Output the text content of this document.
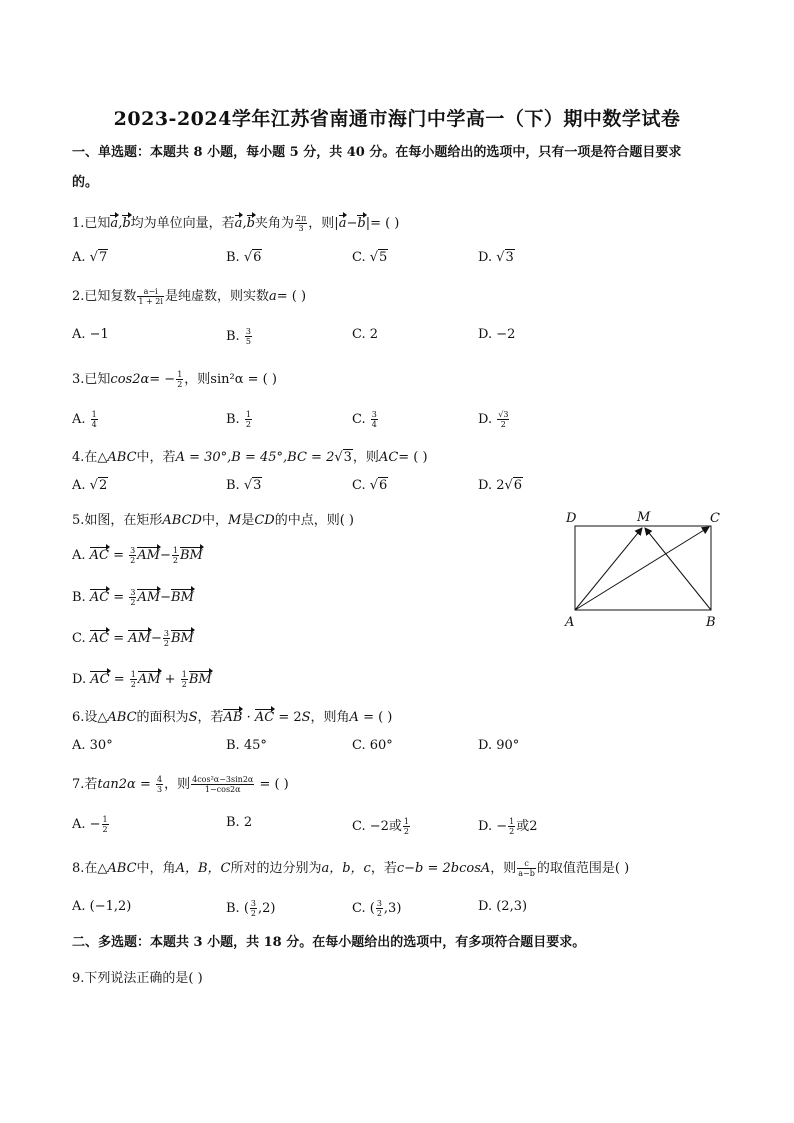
2023-2024学年江苏省南通市海门中学高一（下）期中数学试卷
一、单选题：本题共 8 小题，每小题 5 分，共 40 分。在每小题给出的选项中，只有一项是符合题目要求
的。
1.已知a,b均为单位向量，若a,b夹角为 $\frac{2\pi}{3}$ ，则|a−b|= ( )
A. √7	B. √6	C. √5	D. √3
2.已知复数 $\frac{a-i}{1 + 2i}$ 是纯虚数，则实数a= ( )
A. −1	B. $\frac{3}{5}$	C. 2	D. −2
3.已知$\cos 2\alpha= - \frac{1}{2}$ ，则sin²α = ( )
A. $\frac{1}{4}$	B. $\frac{1}{2}$	C. $\frac{3}{4}$	D. $\frac{√3}{2}$
4.在△ABC中，若A = 30°,B = 45°,BC = 2√3，则AC= ( )
A. √2	B. √3	C. √6	D. 2√6
5.如图，在矩形ABCD中，M是CD的中点，则( )
A. AC = $\frac{3}{2} AM- \frac{1}{2}$ BM
B. AC = $\frac{3}{2} AM-BM$
C. AC = $AM- \frac{3}{2}$ BM
D. AC = $\frac{1}{2}$ AM + $\frac{1}{2}$ BM
D	M	C
A	B
6.设△ABC的面积为S，若AB · AC = 2S，则角A = ( )
A. 30°	B. 45°	C. 60°	D. 90°
7.若$\tan 2\alpha = \frac{4}{3}$ ，则 $\frac{\text{4cos²α−3sin2α}}{1-\cos 2\alpha}$ = ( )
A. − $\frac{1}{2}$	B. 2	C. −2或 $\frac{1}{2}$	D. − $\frac{1}{2}$ 或2
8.在△ABC中，角A，B，C所对的边分别为a，b，c，若c−b = 2bcosA，则 $\frac{c}{a-b}$ 的取值范围是( )
A. (−1,2)	B. ( $\frac{3}{2} ,2$)	C. ( $\frac{3}{2} ,3$)	D. (2,3)
二、多选题：本题共 3 小题，共 18 分。在每小题给出的选项中，有多项符合题目要求。
9.下列说法正确的是( )
